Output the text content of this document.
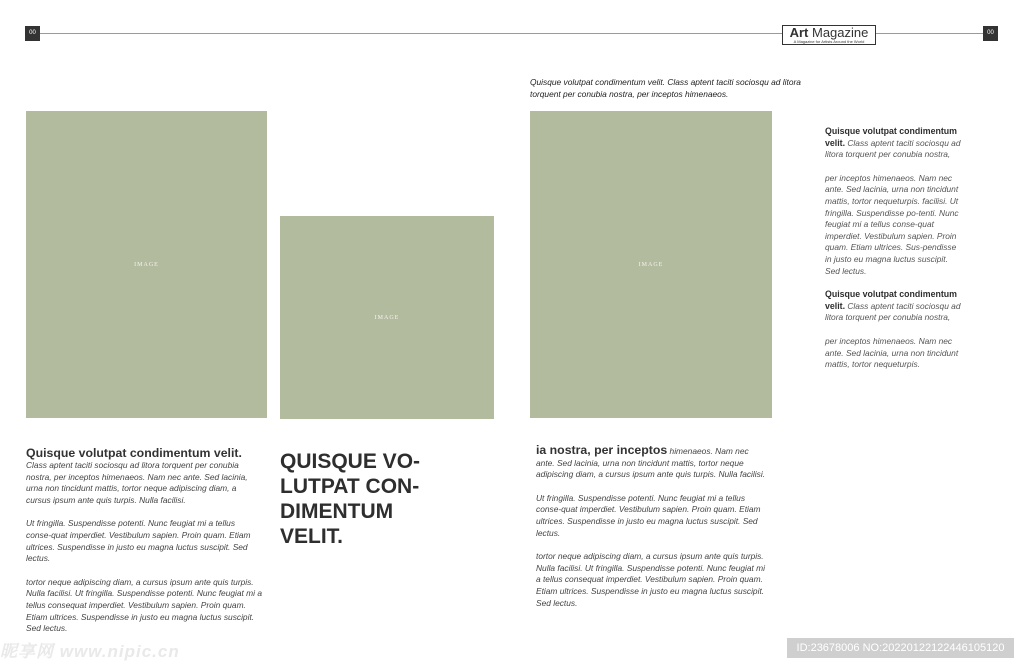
00	Art Magazine
A Magazine for Artists Around the World
00
Quisque volutpat condimentum velit. Class aptent taciti sociosqu ad litora torquent per conubia nostra, per inceptos himenaeos.
IMAGE
IMAGE
IMAGE
Quisque volutpat condimentum velit.

Class aptent taciti sociosqu ad litora torquent per conubia nostra, per inceptos himenaeos. Nam nec ante. Sed lacinia, urna non tincidunt mattis, tortor neque adipiscing diam, a cursus ipsum ante quis turpis. Nulla facilisi.

Ut fringilla. Suspendisse potenti. Nunc feugiat mi a tellus conse-quat imperdiet. Vestibulum sapien. Proin quam. Etiam ultrices. Suspendisse in justo eu magna luctus suscipit. Sed lectus.

tortor neque adipiscing diam, a cursus ipsum ante quis turpis. Nulla facilisi. Ut fringilla. Suspendisse potenti. Nunc feugiat mi a tellus consequat imperdiet. Vestibulum sapien. Proin quam. Etiam ultrices. Suspendisse in justo eu magna luctus suscipit. Sed lectus.

QUISQUE VO-LUTPAT CON-DIMENTUM VELIT.

ia nostra, per inceptos himenaeos. Nam nec ante. Sed lacinia, urna non tincidunt mattis, tortor neque adipiscing diam, a cursus ipsum ante quis turpis. Nulla facilisi.

Ut fringilla. Suspendisse potenti. Nunc feugiat mi a tellus conse-quat imperdiet. Vestibulum sapien. Proin quam. Etiam ultrices. Suspendisse in justo eu magna luctus suscipit. Sed lectus.

tortor neque adipiscing diam, a cursus ipsum ante quis turpis. Nulla facilisi. Ut fringilla. Suspendisse potenti. Nunc feugiat mi a tellus consequat imperdiet. Vestibulum sapien. Proin quam. Etiam ultrices. Suspendisse in justo eu magna luctus suscipit. Sed lectus.

Quisque volutpat condimentum velit. Class aptent taciti sociosqu ad litora torquent per conubia nostra,

per inceptos himenaeos. Nam nec ante. Sed lacinia, urna non tincidunt mattis, tortor nequeturpis. facilisi. Ut fringilla. Suspendisse po-tenti. Nunc feugiat mi a tellus conse-quat imperdiet. Vestibulum sapien. Proin quam. Etiam ultrices. Sus-pendisse in justo eu magna luctus suscipit. Sed lectus.

Quisque volutpat condimentum velit. Class aptent taciti sociosqu ad litora torquent per conubia nostra,

per inceptos himenaeos. Nam nec ante. Sed lacinia, urna non tincidunt mattis, tortor nequeturpis.

昵享网 www.nipic.cn	ID:23678006 NO:20220122122446105120
